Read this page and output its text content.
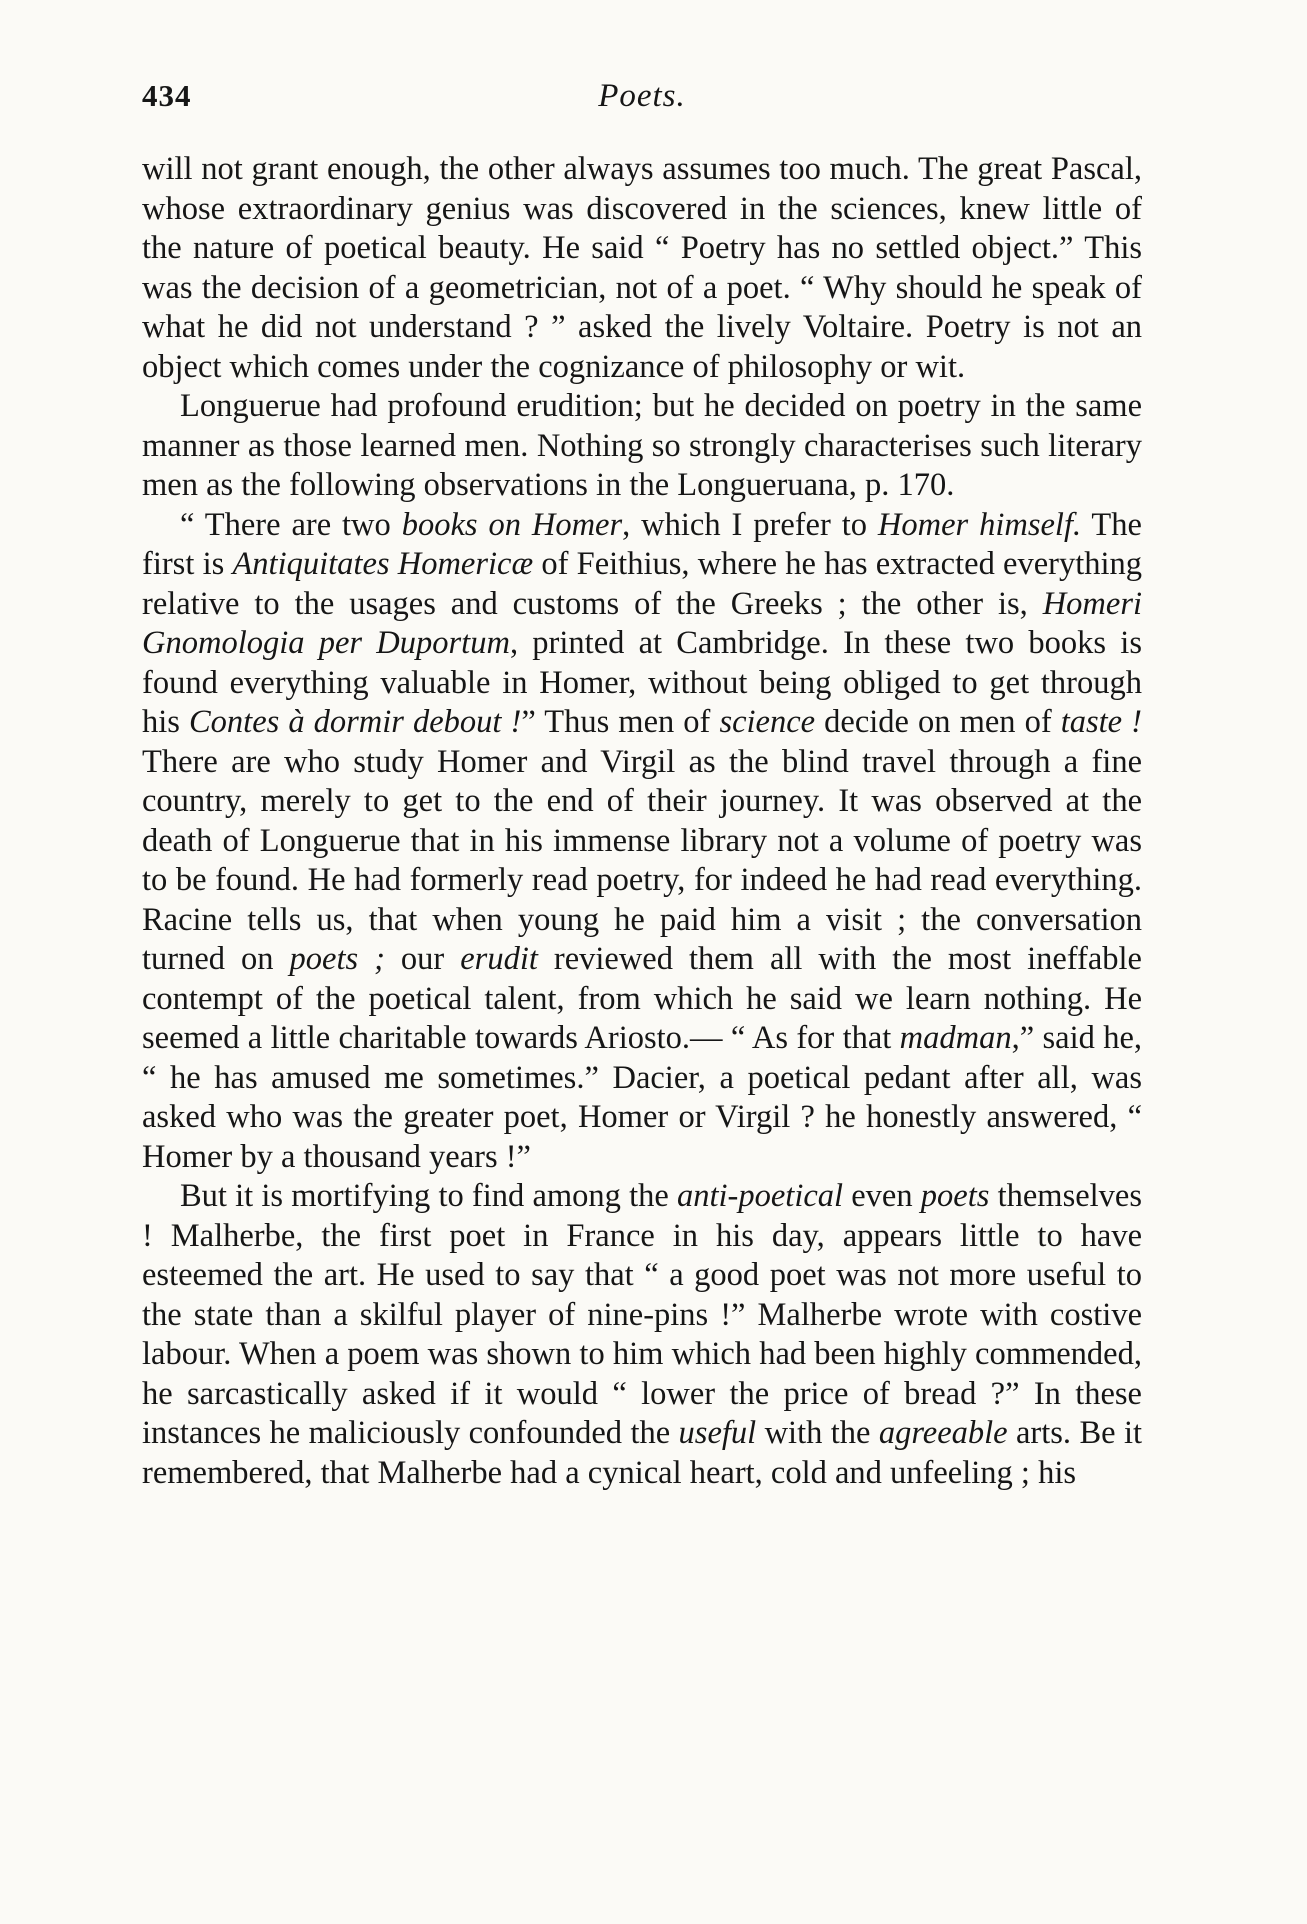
434	Poets.

will not grant enough, the other always assumes too much. The great Pascal, whose extraordinary genius was discovered in the sciences, knew little of the nature of poetical beauty. He said “ Poetry has no settled object.” This was the decision of a geometrician, not of a poet. “ Why should he speak of what he did not understand ? ” asked the lively Voltaire. Poetry is not an object which comes under the cognizance of philosophy or wit.

Longuerue had profound erudition; but he decided on poetry in the same manner as those learned men. Nothing so strongly characterises such literary men as the following observations in the Longueruana, p. 170.

“ There are two books on Homer, which I prefer to Homer himself. The first is Antiquitates Homericæ of Feithius, where he has extracted everything relative to the usages and customs of the Greeks ; the other is, Homeri Gnomologia per Duportum, printed at Cambridge. In these two books is found everything valuable in Homer, without being obliged to get through his Contes à dormir debout !” Thus men of science decide on men of taste ! There are who study Homer and Virgil as the blind travel through a fine country, merely to get to the end of their journey. It was observed at the death of Longuerue that in his immense library not a volume of poetry was to be found. He had formerly read poetry, for indeed he had read everything. Racine tells us, that when young he paid him a visit ; the conversation turned on poets ; our erudit reviewed them all with the most ineffable contempt of the poetical talent, from which he said we learn nothing. He seemed a little charitable towards Ariosto.— “ As for that madman,” said he, “ he has amused me sometimes.” Dacier, a poetical pedant after all, was asked who was the greater poet, Homer or Virgil ? he honestly answered, “ Homer by a thousand years !”

But it is mortifying to find among the anti-poetical even poets themselves ! Malherbe, the first poet in France in his day, appears little to have esteemed the art. He used to say that “ a good poet was not more useful to the state than a skilful player of nine-pins !” Malherbe wrote with costive labour. When a poem was shown to him which had been highly commended, he sarcastically asked if it would “ lower the price of bread ?” In these instances he maliciously confounded the useful with the agreeable arts. Be it remembered, that Malherbe had a cynical heart, cold and unfeeling ; his
